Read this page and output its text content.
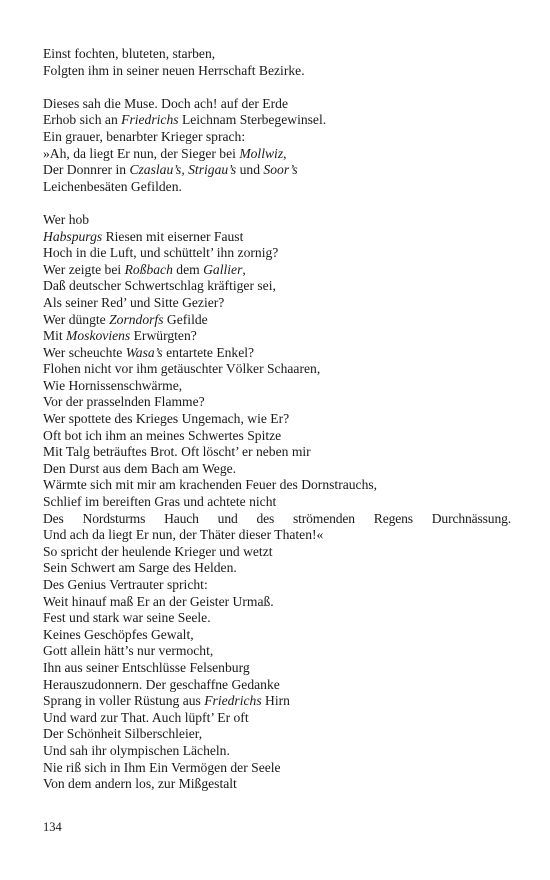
Einst fochten, bluteten, starben,
Folgten ihm in seiner neuen Herrschaft Bezirke.
Dieses sah die Muse. Doch ach! auf der Erde
Erhob sich an Friedrichs Leichnam Sterbegewinsel.
Ein grauer, benarbter Krieger sprach:
»Ah, da liegt Er nun, der Sieger bei Mollwiz,
Der Donnrer in Czaslau’s, Strigau’s und Soor’s
Leichenbesäten Gefilden.
Wer hob
Habspurgs Riesen mit eiserner Faust
Hoch in die Luft, und schüttelt’ ihn zornig?
Wer zeigte bei Roßbach dem Gallier,
Daß deutscher Schwertschlag kräftiger sei,
Als seiner Red’ und Sitte Gezier?
Wer düngte Zorndorfs Gefilde
Mit Moskoviens Erwürgten?
Wer scheuchte Wasa’s entartete Enkel?
Flohen nicht vor ihm getäuschter Völker Schaaren,
Wie Hornissenschwärme,
Vor der prasselnden Flamme?
Wer spottete des Krieges Ungemach, wie Er?
Oft bot ich ihm an meines Schwertes Spitze
Mit Talg beträuftes Brot. Oft löscht’ er neben mir
Den Durst aus dem Bach am Wege.
Wärmte sich mit mir am krachenden Feuer des Dornstrauchs,
Schlief im bereiften Gras und achtete nicht
Des Nordsturms Hauch und des strömenden Regens Durchnässung.
Und ach da liegt Er nun, der Thäter dieser Thaten!«
So spricht der heulende Krieger und wetzt
Sein Schwert am Sarge des Helden.
Des Genius Vertrauter spricht:
Weit hinauf maß Er an der Geister Urmaß.
Fest und stark war seine Seele.
Keines Geschöpfes Gewalt,
Gott allein hätt’s nur vermocht,
Ihn aus seiner Entschlüsse Felsenburg
Herauszudonnern. Der geschaffne Gedanke
Sprang in voller Rüstung aus Friedrichs Hirn
Und ward zur That. Auch lüpft’ Er oft
Der Schönheit Silberschleier,
Und sah ihr olympischen Lächeln.
Nie riß sich in Ihm Ein Vermögen der Seele
Von dem andern los, zur Mißgestalt
134
